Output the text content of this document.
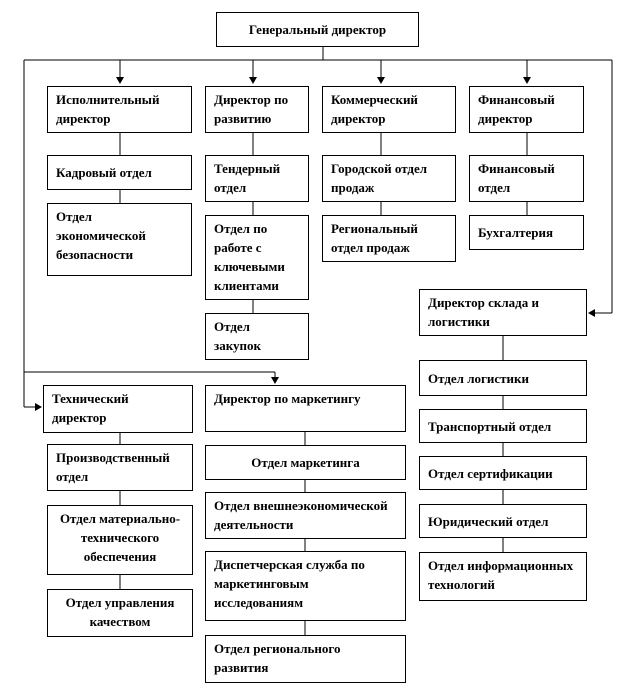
Генеральный директор
Исполнительный директор
Директор по развитию
Коммерческий директор
Финансовый директор
Кадровый отдел
Отдел экономической безопасности
Тендерный отдел
Отдел по работе с ключевыми клиентами
Отдел закупок
Городской отдел продаж
Региональный отдел продаж
Финансовый отдел
Бухгалтерия
Директор склада и логистики
Отдел логистики
Транспортный отдел
Отдел сертификации
Юридический отдел
Отдел информационных технологий
Технический директор
Производственный отдел
Отдел материально-технического обеспечения
Отдел управления качеством
Директор по маркетингу
Отдел маркетинга
Отдел внешнеэкономической деятельности
Диспетчерская служба по маркетинговым исследованиям
Отдел регионального развития
